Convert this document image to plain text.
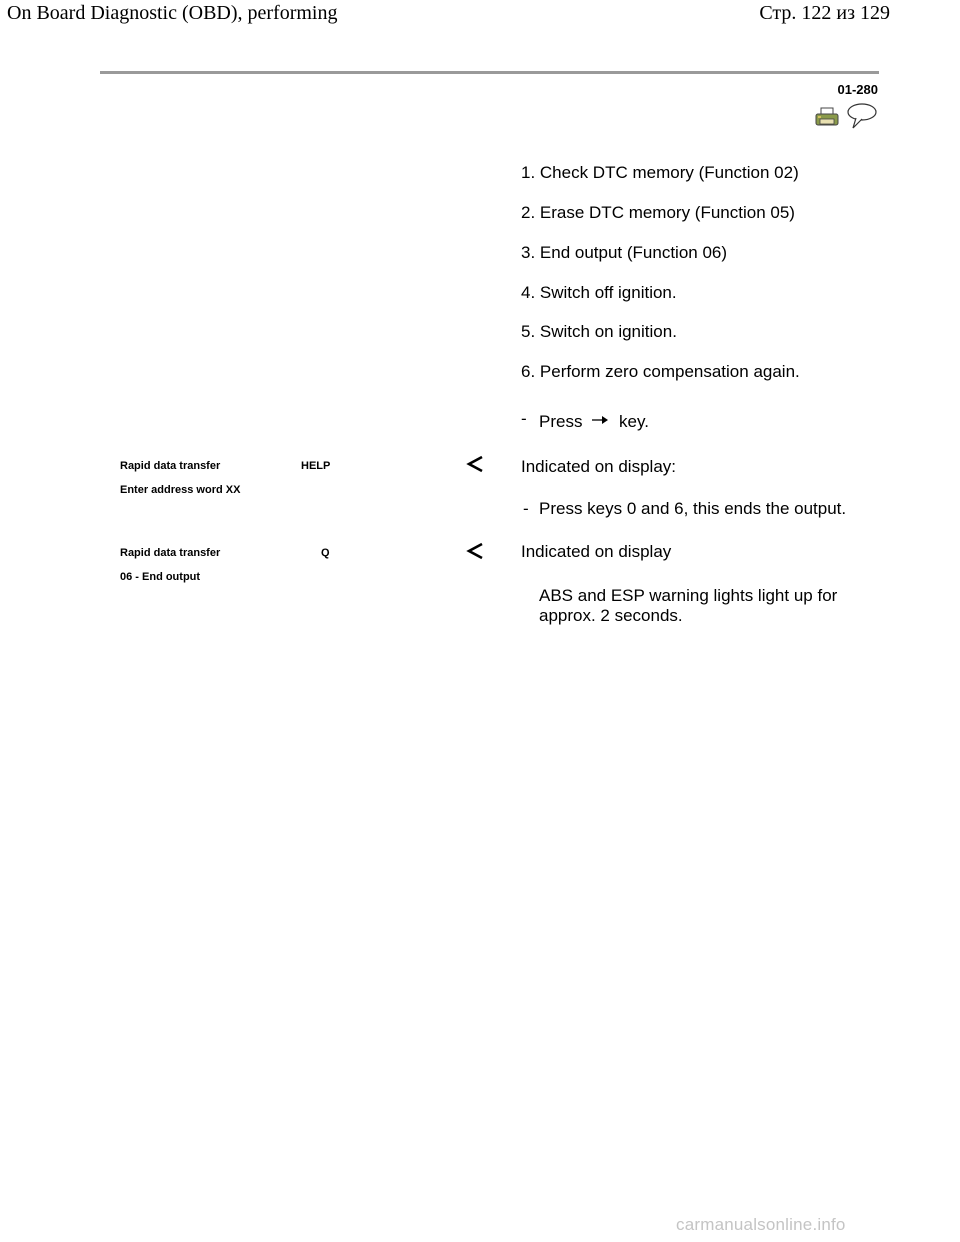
On Board Diagnostic (OBD), performing	Стр. 122 из 129
01-280
1. Check DTC memory (Function 02)
2. Erase DTC memory (Function 05)
3. End output (Function 06)
4. Switch off ignition.
5. Switch on ignition.
6. Perform zero compensation again.
- Press key.
Rapid data transfer	HELP
Enter address word XX
Indicated on display:
- Press keys 0 and 6, this ends the output.
Rapid data transfer	Q
06 - End output
Indicated on display
ABS and ESP warning lights light up for approx. 2 seconds.
carmanualsonline.info
